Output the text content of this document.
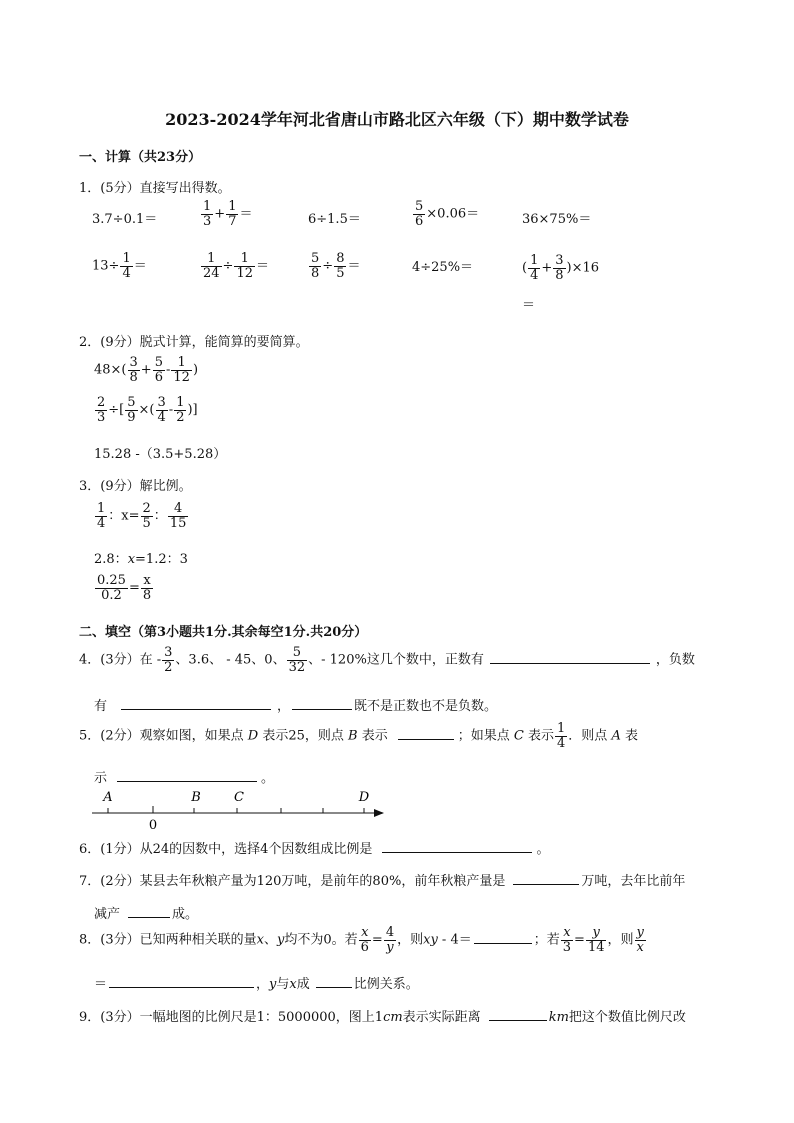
2023-2024学年河北省唐山市路北区六年级（下）期中数学试卷
一、计算（共23分）
1．(5分）直接写出得数。
3.7÷0.1＝	$\frac{1}{3} + \frac{1}{7}$ ＝	6÷1.5＝	$\frac{5}{6} \times 0.06=$	36×75%＝
$13\div \frac{1}{4}$ ＝	$\frac{1}{24} \div \frac{1}{12}$ ＝	$\frac{5}{8} \div \frac{8}{5}$ ＝	4÷25%＝	( $\frac{1}{4} + \frac{3}{8} )\times 16$
＝
2．(9分）脱式计算，能简算的要简算。
$48\times( \frac{3}{8} + \frac{5}{6} - \frac{1}{12}$ )
$\frac{2}{3}$ ÷[ $\frac{5}{9}$ ×( $\frac{3}{4} - \frac{1}{2}$ )]
15.28 -（3.5+5.28）
3．(9分）解比例。
$\frac{1}{4}$ ：$x= \frac{2}{5}$ ： $\frac{4}{15}$
2.8：x=1.2：3
$\frac{0.25}{0.2} = \frac{x}{8}$
二、填空（第3小题共1分.其余每空1分.共20分）
4．(3分）在 - $\frac{3}{2}$ 、3.6、 - 45、0、 $\frac{5}{32}$ 、- 120%这几个数中，正数有	，负数
有	，	既不是正数也不是负数。
5．(2分）观察如图，如果点 D 表示25，则点 B 表示	；如果点 C 表示 $\frac{1}{4}$ ．则点 A 表
示	。
A	B	C	D
0
6．(1分）从24的因数中，选择4个因数组成比例是	。
7．(2分）某县去年秋粮产量为120万吨，是前年的80%，前年秋粮产量是	万吨，去年比前年
减产	成。
8．(3分）已知两种相关联的量x、y均不为0。若 $\frac{x}{6} = \frac{4}{y}$ ，则xy - 4＝	；若 $\frac{x}{3} = \frac{y}{14}$ ，则 $\frac{y}{x}$
＝	，y与x成	比例关系。
9．(3分）一幅地图的比例尺是1：5000000，图上1cm表示实际距离	km把这个数值比例尺改
